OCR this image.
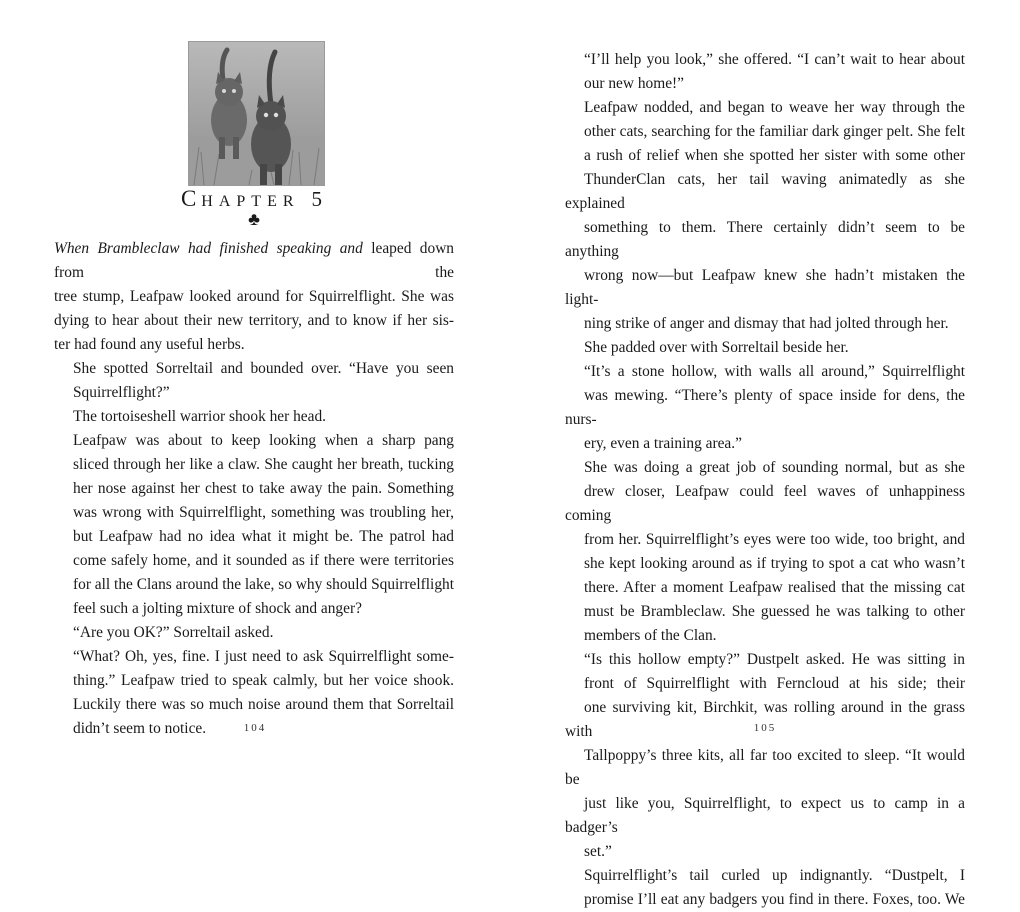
CHAPTER 5
♣

When Brambleclaw had finished speaking and leaped down from the
tree stump, Leafpaw looked around for Squirrelflight. She was
dying to hear about their new territory, and to know if her sis-
ter had found any useful herbs.

She spotted Sorreltail and bounded over. “Have you seen
Squirrelflight?”

The tortoiseshell warrior shook her head.

Leafpaw was about to keep looking when a sharp pang
sliced through her like a claw. She caught her breath, tucking
her nose against her chest to take away the pain. Something
was wrong with Squirrelflight, something was troubling her,
but Leafpaw had no idea what it might be. The patrol had
come safely home, and it sounded as if there were territories
for all the Clans around the lake, so why should Squirrelflight
feel such a jolting mixture of shock and anger?

“Are you OK?” Sorreltail asked.

“What? Oh, yes, fine. I just need to ask Squirrelflight some-
thing.” Leafpaw tried to speak calmly, but her voice shook.
Luckily there was so much noise around them that Sorreltail
didn’t seem to notice.	104

“I’ll help you look,” she offered. “I can’t wait to hear about
our new home!”

Leafpaw nodded, and began to weave her way through the
other cats, searching for the familiar dark ginger pelt. She felt
a rush of relief when she spotted her sister with some other
ThunderClan cats, her tail waving animatedly as she explained
something to them. There certainly didn’t seem to be anything
wrong now—but Leafpaw knew she hadn’t mistaken the light-
ning strike of anger and dismay that had jolted through her.

She padded over with Sorreltail beside her.

“It’s a stone hollow, with walls all around,” Squirrelflight
was mewing. “There’s plenty of space inside for dens, the nurs-
ery, even a training area.”

She was doing a great job of sounding normal, but as she
drew closer, Leafpaw could feel waves of unhappiness coming
from her. Squirrelflight’s eyes were too wide, too bright, and
she kept looking around as if trying to spot a cat who wasn’t
there. After a moment Leafpaw realised that the missing cat
must be Brambleclaw. She guessed he was talking to other
members of the Clan.

“Is this hollow empty?” Dustpelt asked. He was sitting in
front of Squirrelflight with Ferncloud at his side; their
one surviving kit, Birchkit, was rolling around in the grass with
Tallpoppy’s three kits, all far too excited to sleep. “It would be
just like you, Squirrelflight, to expect us to camp in a badger’s
set.”

Squirrelflight’s tail curled up indignantly. “Dustpelt, I
promise I’ll eat any badgers you find in there. Foxes, too. We

105
